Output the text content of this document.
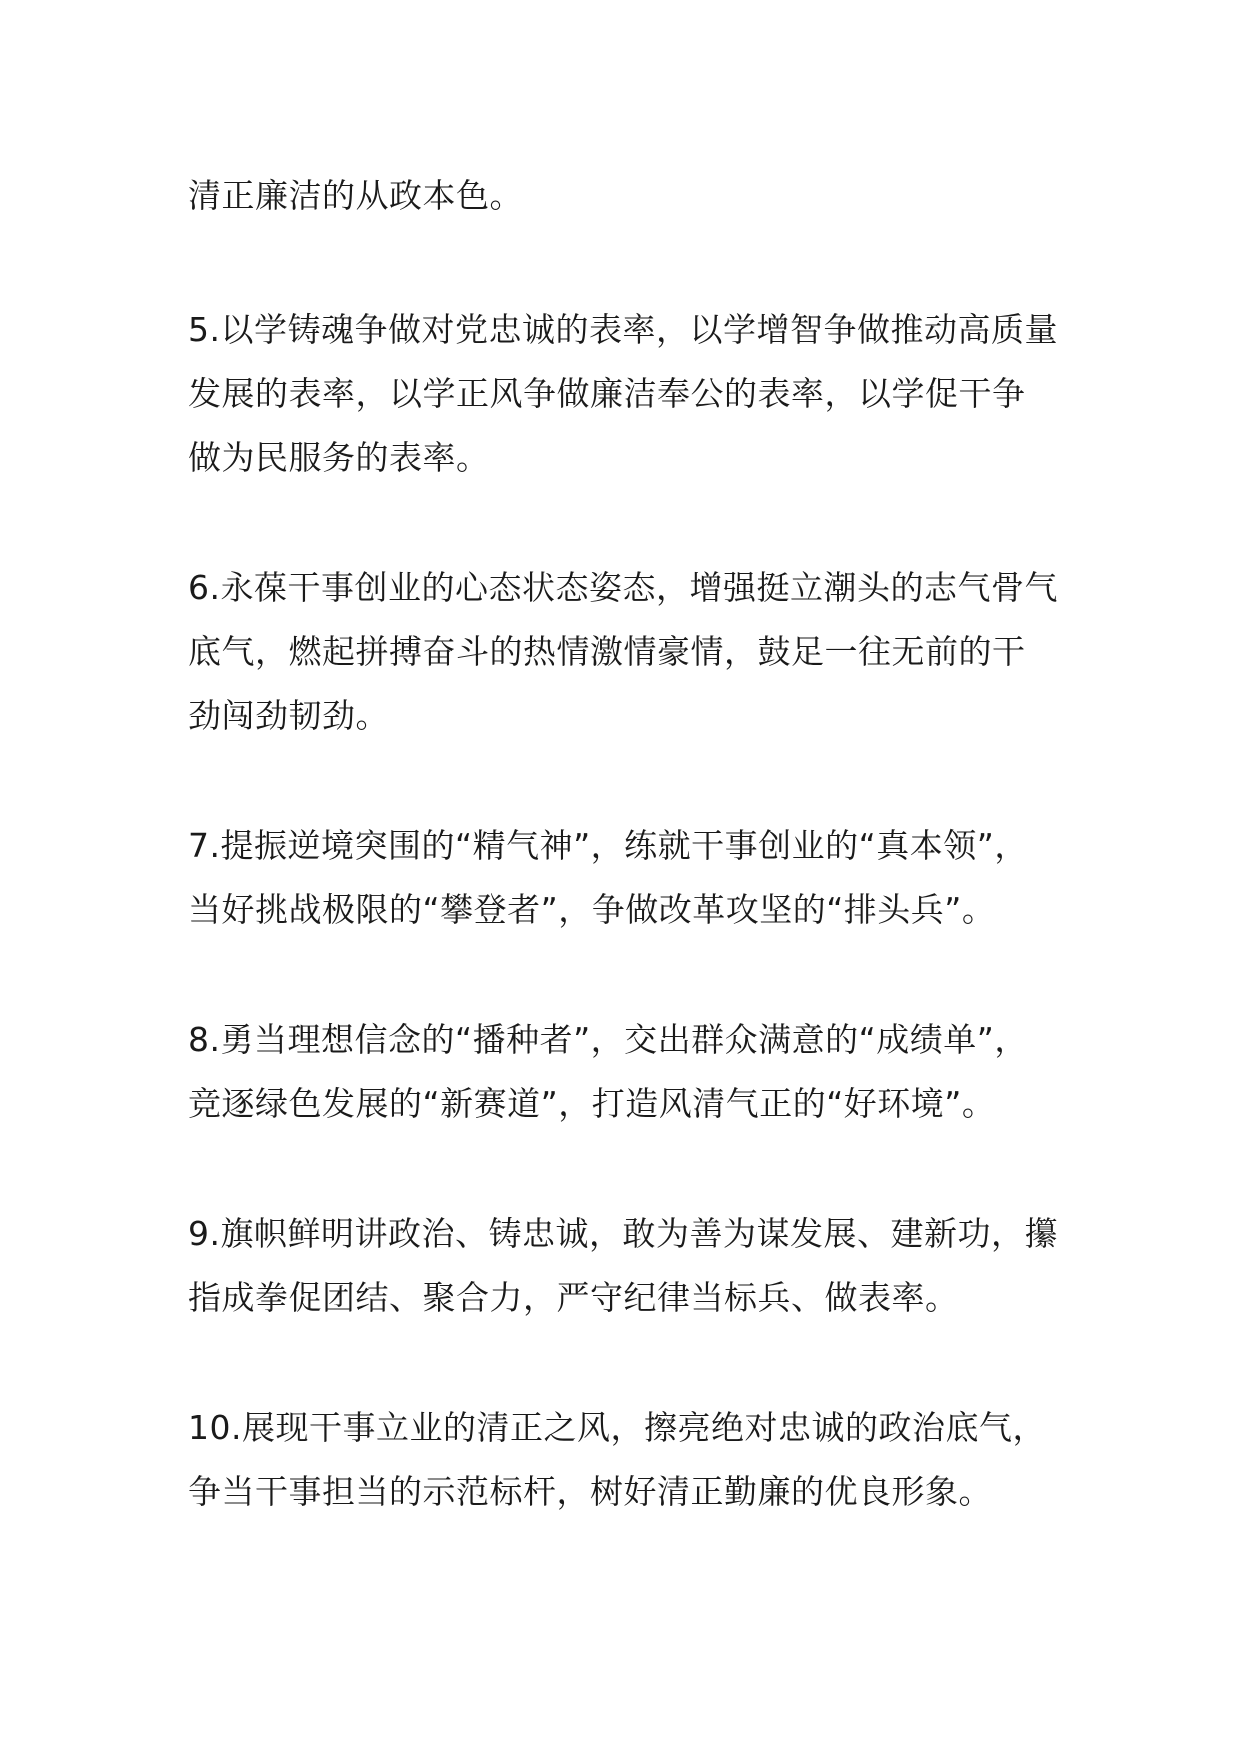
清正廉洁的从政本色。

5.以学铸魂争做对党忠诚的表率，以学增智争做推动高质量
发展的表率，以学正风争做廉洁奉公的表率，以学促干争
做为民服务的表率。

6.永葆干事创业的心态状态姿态，增强挺立潮头的志气骨气
底气，燃起拼搏奋斗的热情激情豪情，鼓足一往无前的干
劲闯劲韧劲。

7.提振逆境突围的“精气神”，练就干事创业的“真本领”，
当好挑战极限的“攀登者”，争做改革攻坚的“排头兵”。

8.勇当理想信念的“播种者”，交出群众满意的“成绩单”，
竞逐绿色发展的“新赛道”，打造风清气正的“好环境”。

9.旗帜鲜明讲政治、铸忠诚，敢为善为谋发展、建新功，攥
指成拳促团结、聚合力，严守纪律当标兵、做表率。

10.展现干事立业的清正之风，擦亮绝对忠诚的政治底气，
争当干事担当的示范标杆，树好清正勤廉的优良形象。
